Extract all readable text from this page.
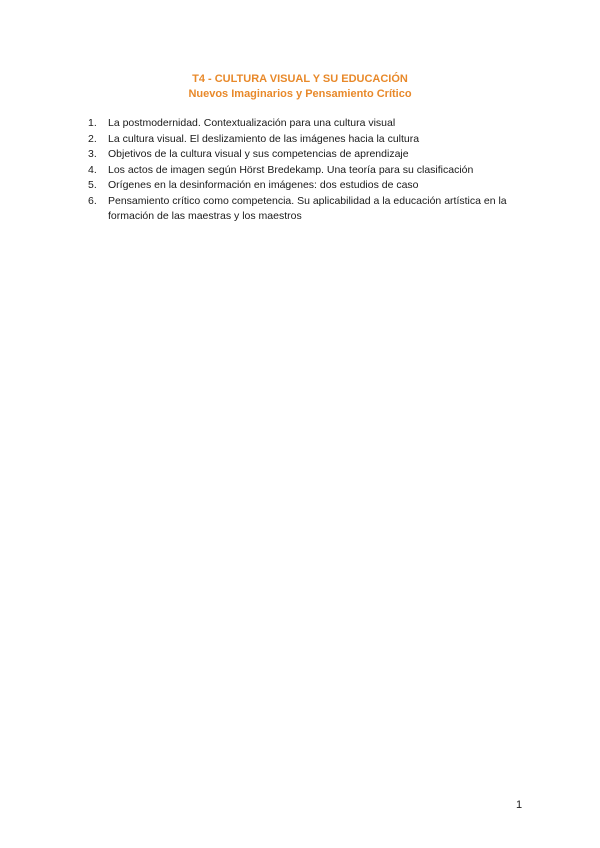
T4 - CULTURA VISUAL Y SU EDUCACIÓN
Nuevos Imaginarios y Pensamiento Crítico
1.	La postmodernidad. Contextualización para una cultura visual
2.	La cultura visual. El deslizamiento de las imágenes hacia la cultura
3.	Objetivos de la cultura visual y sus competencias de aprendizaje
4.	Los actos de imagen según Hörst Bredekamp. Una teoría para su clasificación
5.	Orígenes en la desinformación en imágenes: dos estudios de caso
6.	Pensamiento crítico como competencia. Su aplicabilidad a la educación artística en la formación de las maestras y los maestros
1
